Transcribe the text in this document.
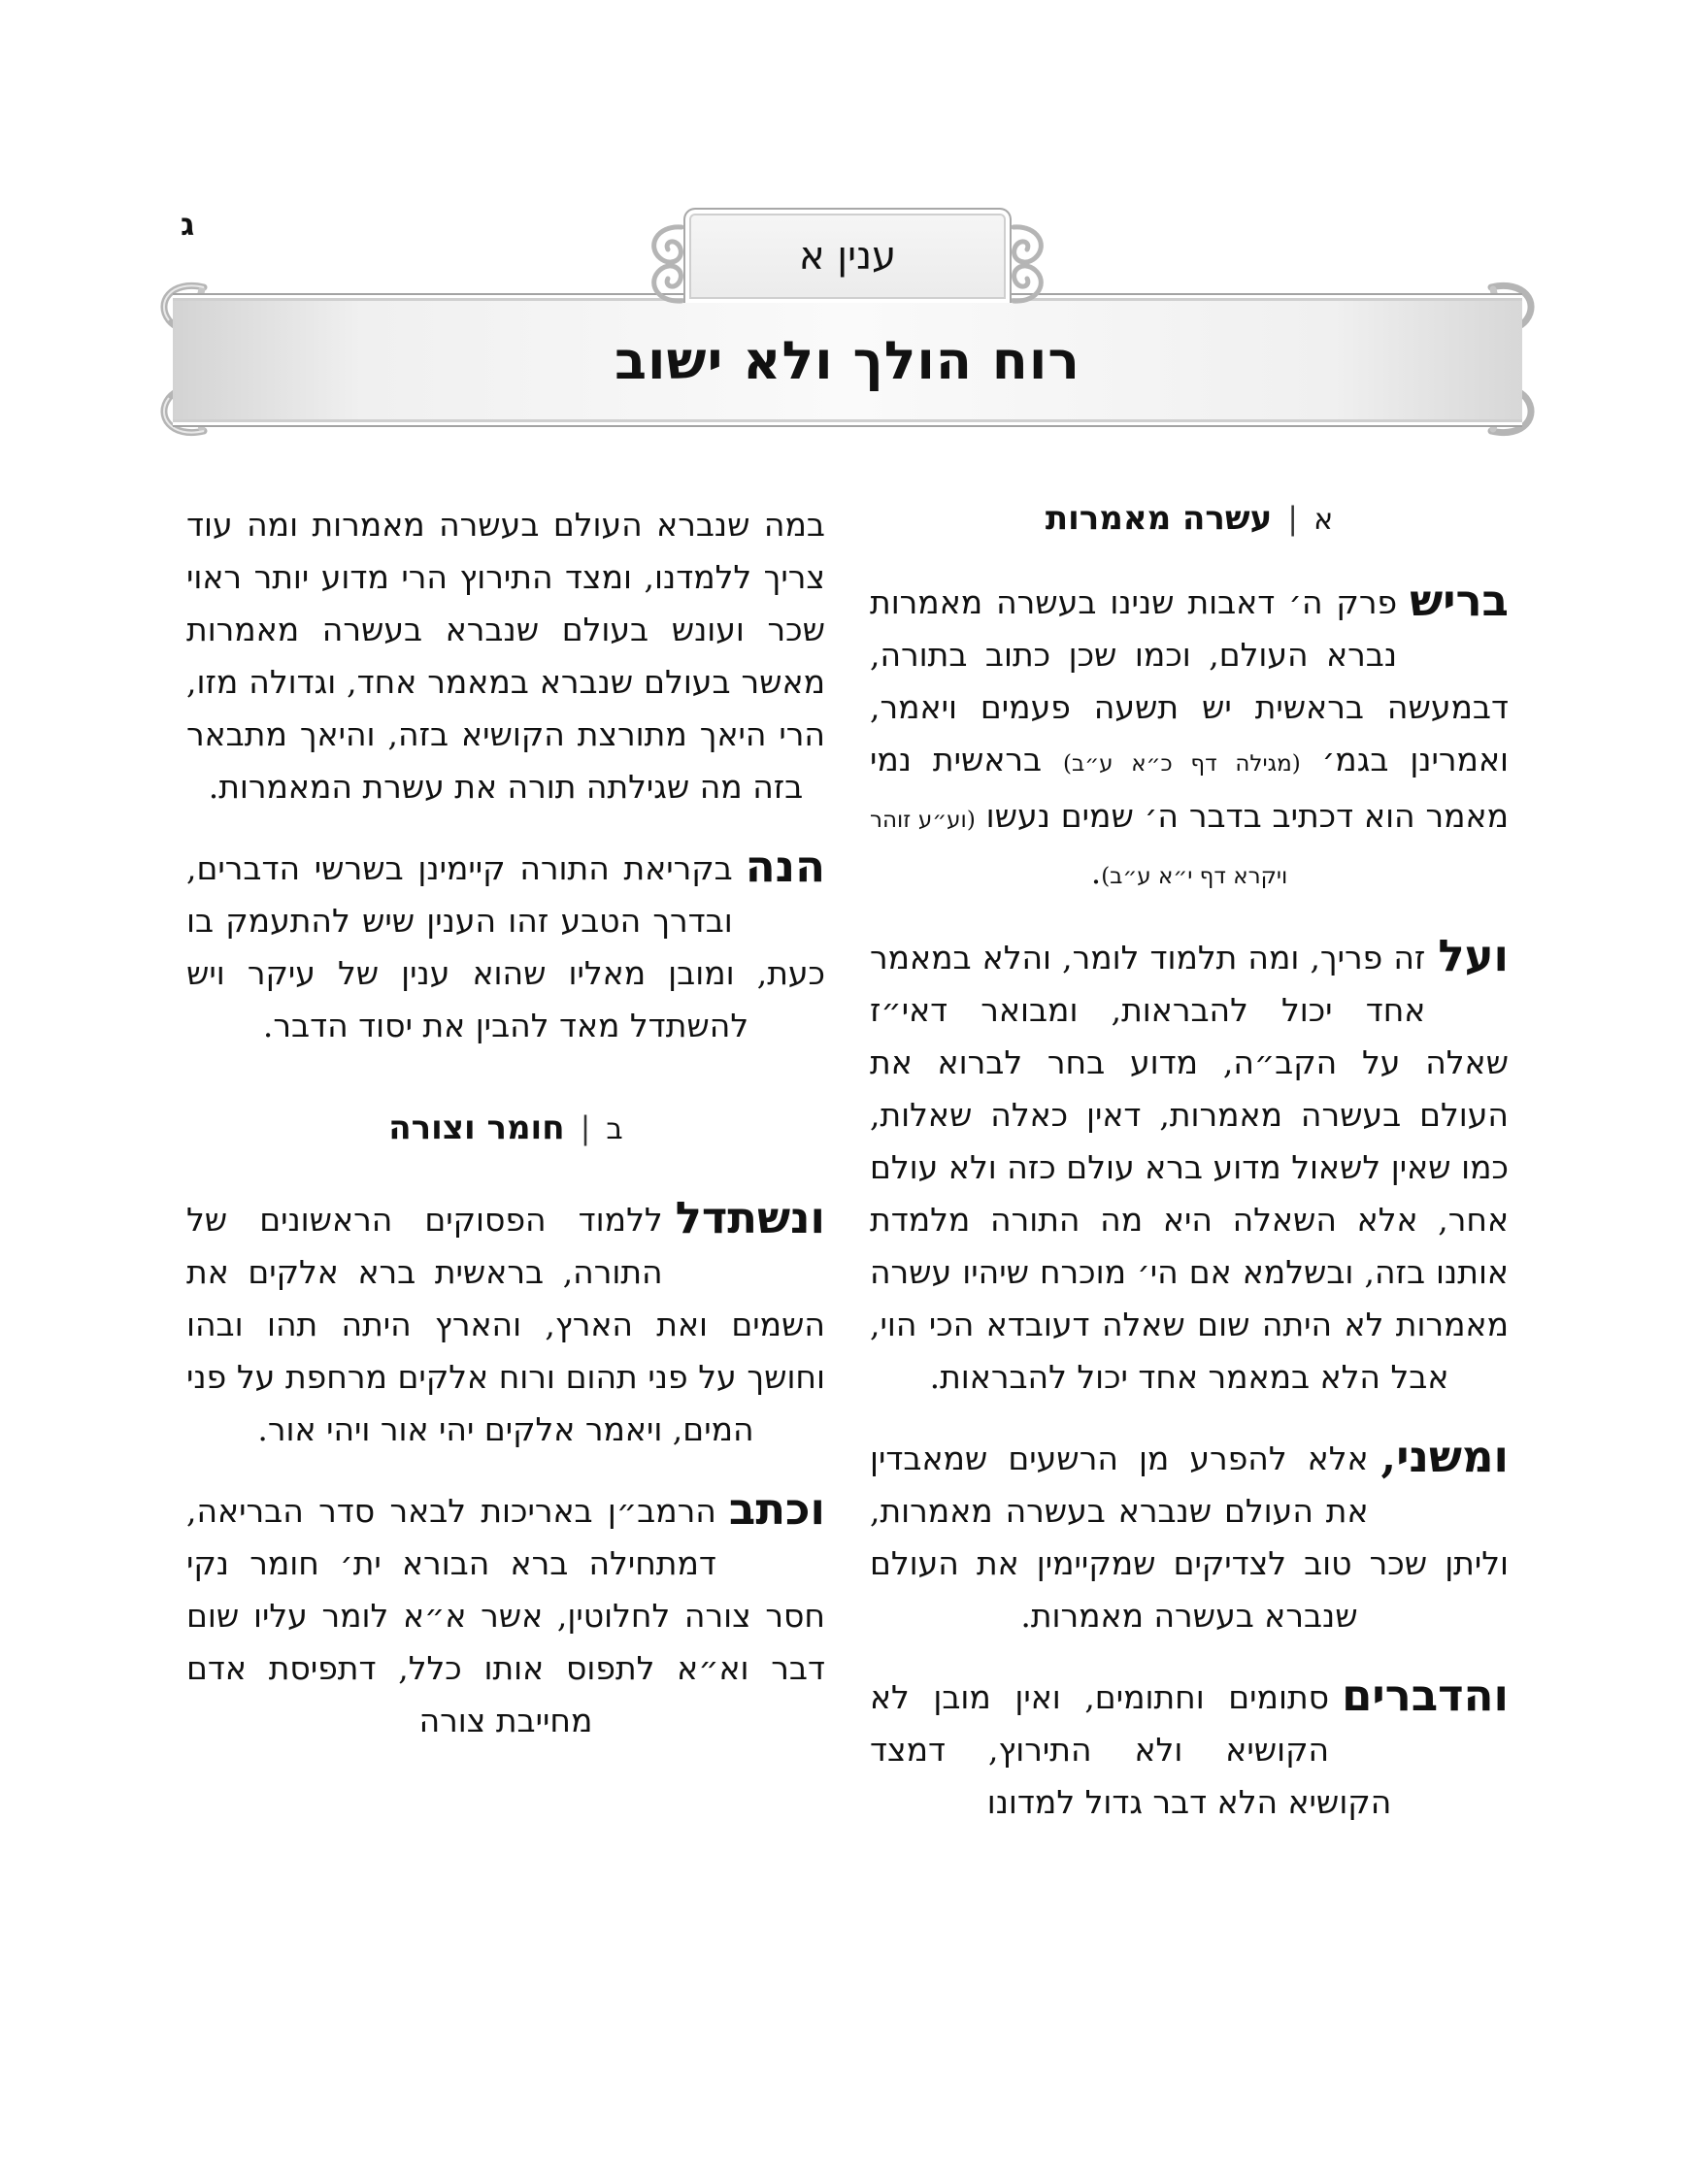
ג
ענין א
רוח הולך ולא ישוב
א|עשרה מאמרות

בריש
פרק ה׳ דאבות שנינו בעשרה מאמרות נברא העולם, וכמו שכן כתוב בתורה, דבמעשה בראשית יש תשעה פעמים ויאמר, ואמרינן בגמ׳ (מגילה דף כ״א ע״ב) בראשית נמי מאמר הוא דכתיב בדבר ה׳ שמים נעשו (וע״ע זוהר ויקרא דף י״א ע״ב).

ועל
זה פריך, ומה תלמוד לומר, והלא במאמר אחד יכול להבראות, ומבואר דאי״ז שאלה על הקב״ה, מדוע בחר לברוא את העולם בעשרה מאמרות, דאין כאלה שאלות, כמו שאין לשאול מדוע ברא עולם כזה ולא עולם אחר, אלא השאלה היא מה התורה מלמדת אותנו בזה, ובשלמא אם הי׳ מוכרח שיהיו עשרה מאמרות לא היתה שום שאלה דעובדא הכי הוי, אבל הלא במאמר אחד יכול להבראות.

ומשני,
אלא להפרע מן הרשעים שמאבדין את העולם שנברא בעשרה מאמרות, וליתן שכר טוב לצדיקים שמקיימין את העולם שנברא בעשרה מאמרות.

והדברים
סתומים וחתומים, ואין מובן לא הקושיא ולא התירוץ, דמצד הקושיא הלא דבר גדול למדונו

במה שנברא העולם בעשרה מאמרות ומה עוד צריך ללמדנו, ומצד התירוץ הרי מדוע יותר ראוי שכר ועונש בעולם שנברא בעשרה מאמרות מאשר בעולם שנברא במאמר אחד, וגדולה מזו, הרי היאך מתורצת הקושיא בזה, והיאך מתבאר בזה מה שגילתה תורה את עשרת המאמרות.

הנה
בקריאת התורה קיימינן בשרשי הדברים, ובדרך הטבע זהו הענין שיש להתעמק בו כעת, ומובן מאליו שהוא ענין של עיקר ויש להשתדל מאד להבין את יסוד הדבר.

ב|חומר וצורה

ונשתדל
ללמוד הפסוקים הראשונים של התורה, בראשית ברא אלקים את השמים ואת הארץ, והארץ היתה תהו ובהו וחושך על פני תהום ורוח אלקים מרחפת על פני המים, ויאמר אלקים יהי אור ויהי אור.

וכתב
הרמב״ן באריכות לבאר סדר הבריאה, דמתחילה ברא הבורא ית׳ חומר נקי חסר צורה לחלוטין, אשר א״א לומר עליו שום דבר וא״א לתפוס אותו כלל, דתפיסת אדם מחייבת צורה
